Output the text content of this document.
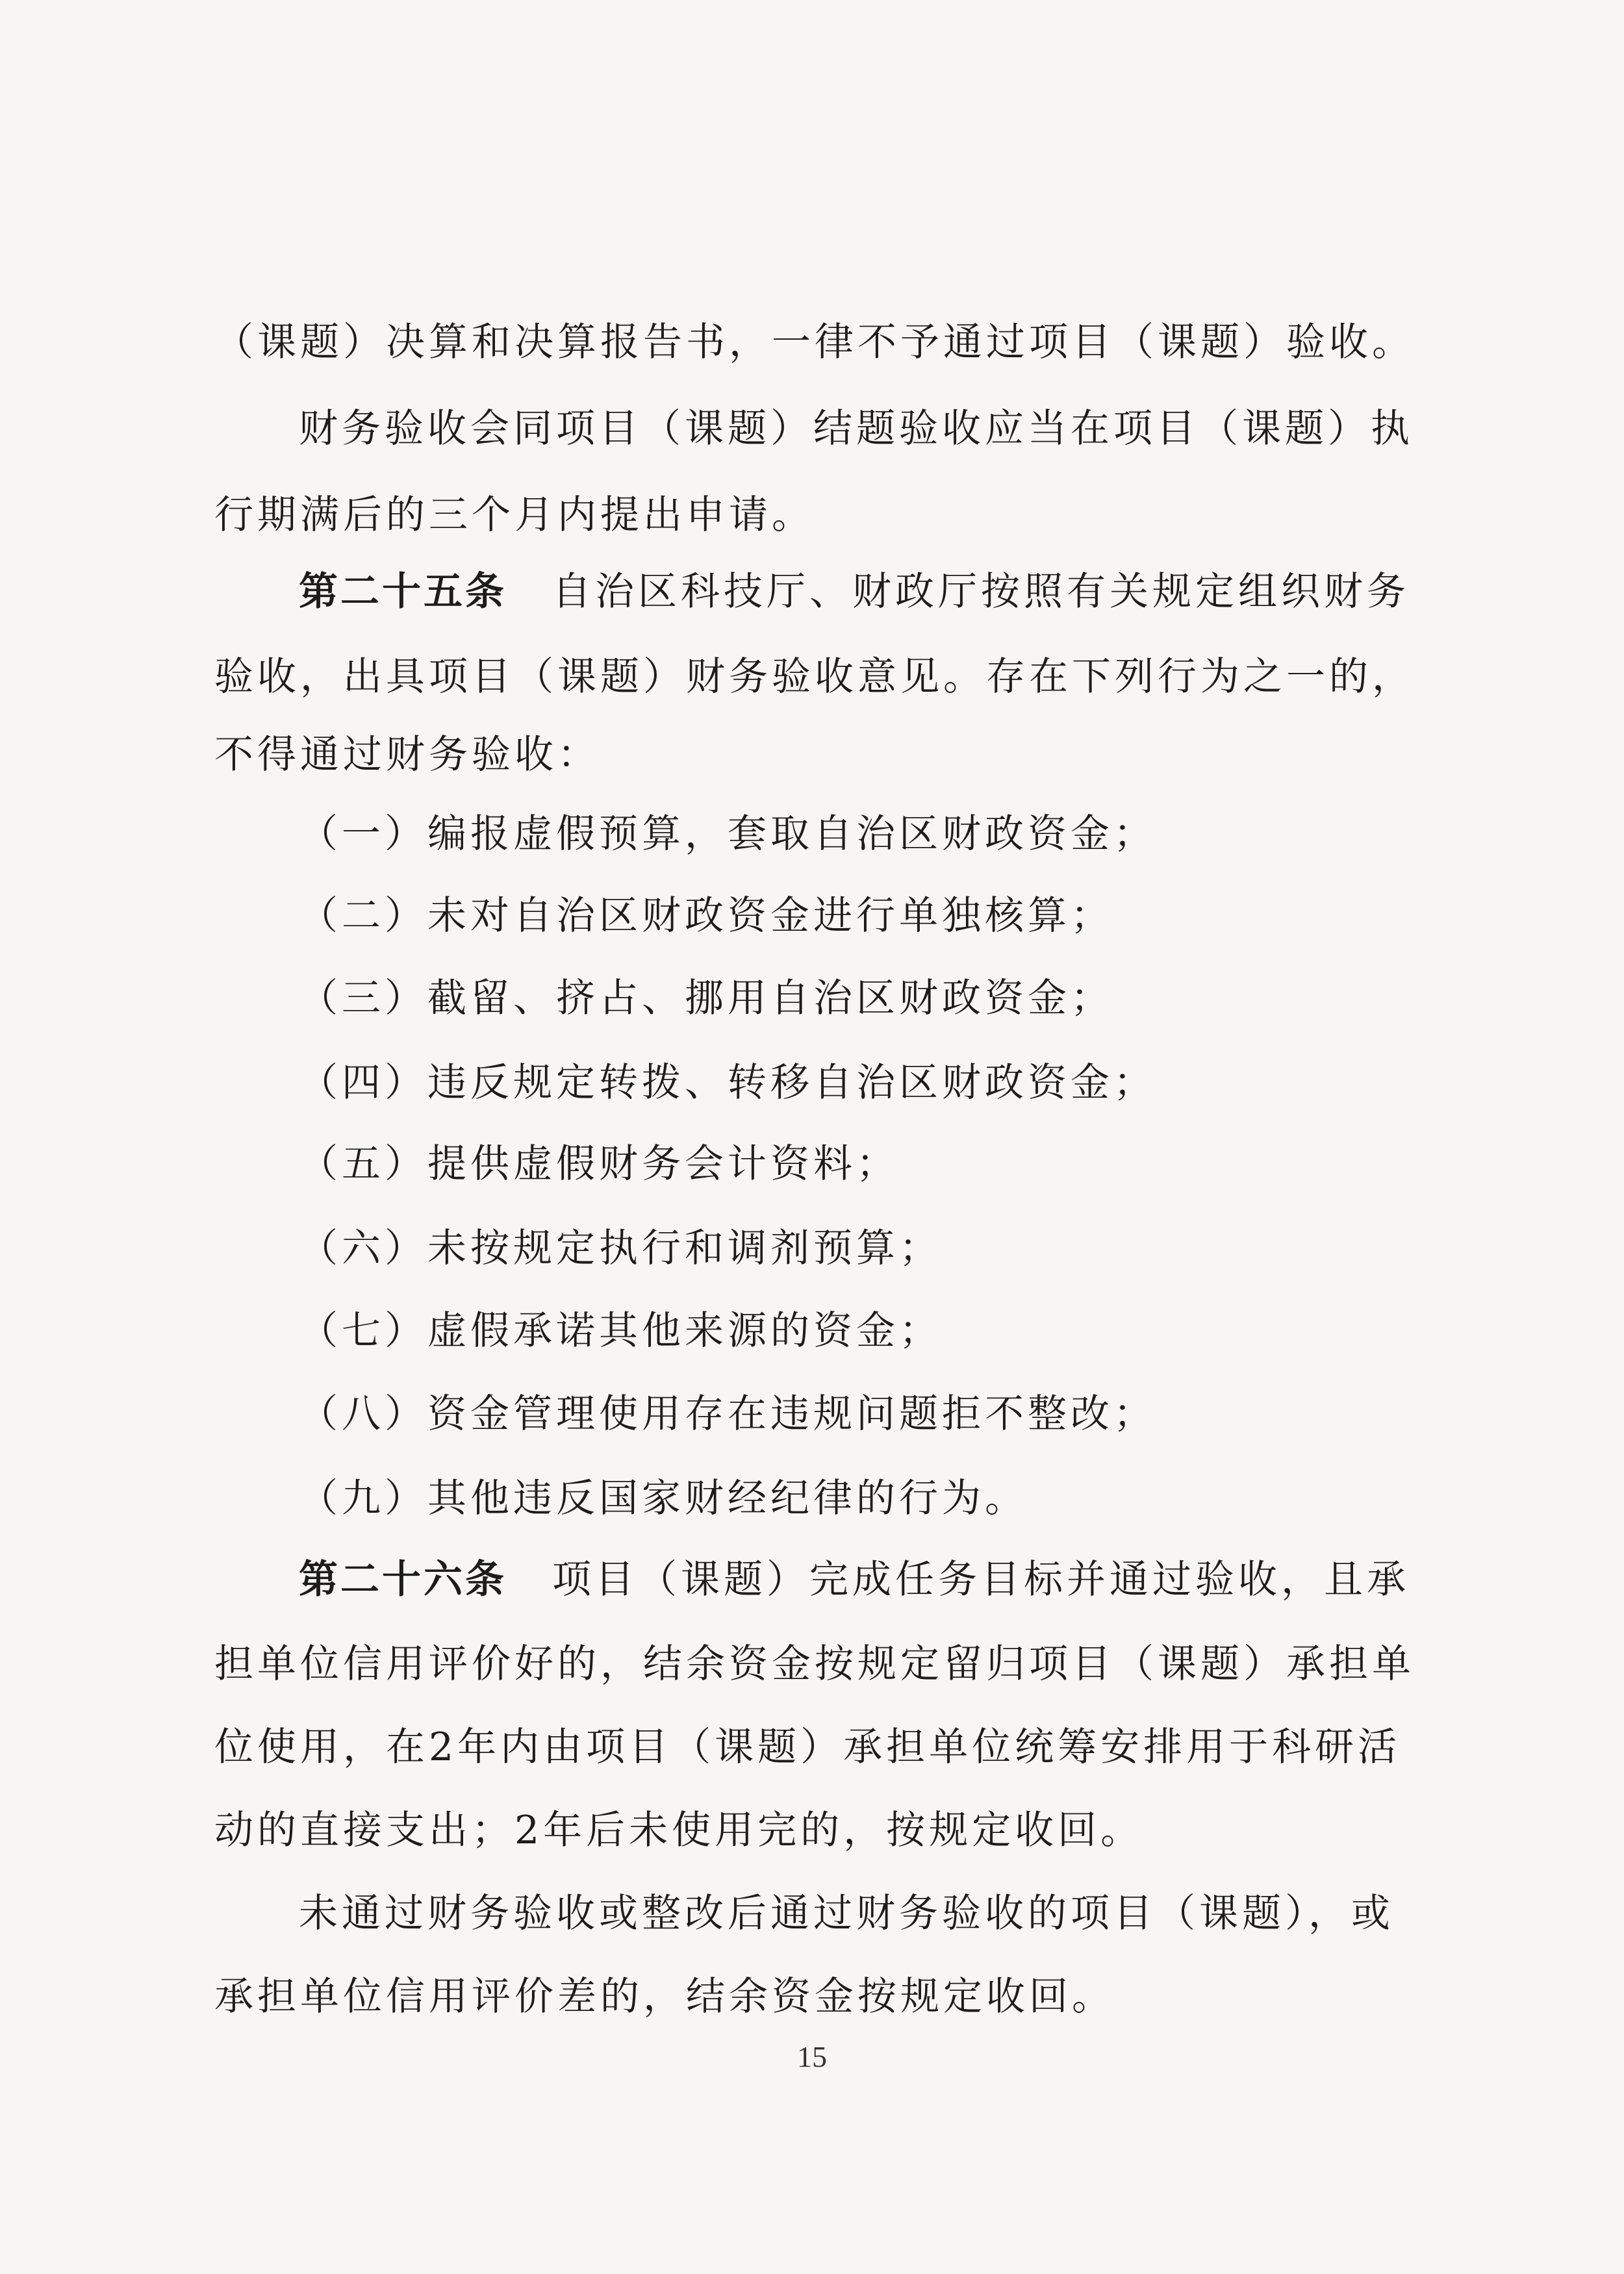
（课题）决算和决算报告书，一律不予通过项目（课题）验收。
财务验收会同项目（课题）结题验收应当在项目（课题）执
行期满后的三个月内提出申请。
第二十五条 自治区科技厅、财政厅按照有关规定组织财务
验收，出具项目（课题）财务验收意见。存在下列行为之一的，
不得通过财务验收：
（一）编报虚假预算，套取自治区财政资金；
（二）未对自治区财政资金进行单独核算；
（三）截留、挤占、挪用自治区财政资金；
（四）违反规定转拨、转移自治区财政资金；
（五）提供虚假财务会计资料；
（六）未按规定执行和调剂预算；
（七）虚假承诺其他来源的资金；
（八）资金管理使用存在违规问题拒不整改；
（九）其他违反国家财经纪律的行为。
第二十六条 项目（课题）完成任务目标并通过验收，且承
担单位信用评价好的，结余资金按规定留归项目（课题）承担单
位使用，在2年内由项目（课题）承担单位统筹安排用于科研活
动的直接支出；2年后未使用完的，按规定收回。
未通过财务验收或整改后通过财务验收的项目（课题），或
承担单位信用评价差的，结余资金按规定收回。
15
